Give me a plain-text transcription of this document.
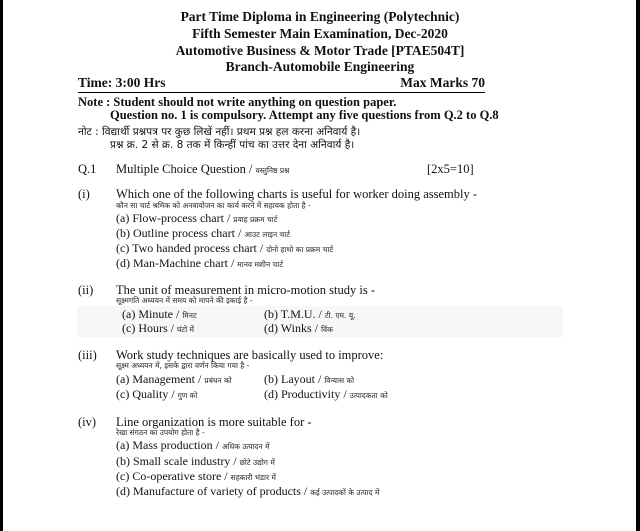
Part Time Diploma in Engineering (Polytechnic)
Fifth Semester Main Examination, Dec-2020
Automotive Business & Motor Trade [PTAE504T]
Branch-Automobile Engineering
Time: 3:00 Hrs	Max Marks 70
Note : Student should not write anything on question paper.
Question no. 1 is compulsory. Attempt any five questions from Q.2 to Q.8
नोट : विद्यार्थी प्रश्नपत्र पर कुछ लिखें नहीं। प्रथम प्रश्न हल करना अनिवार्य है।
प्रश्न क्र. 2 से क्र. 8 तक में किन्हीं पांच का उत्तर देना अनिवार्य है।
Q.1 Multiple Choice Question / वस्तुनिष्ठ प्रश्न	[2x5=10]
(i) Which one of the following charts is useful for worker doing assembly -
कौन सा चार्ट श्रमिक को अनवायोजन का कार्य करने में सहायक होता है -
(a) Flow-process chart / प्रवाह प्रक्रम चार्ट
(b) Outline process chart / आउट लाइन चार्ट
(c) Two handed process chart / दोनो हाथो का प्रक्रम चार्ट
(d) Man-Machine chart / मानव मशीन चार्ट
(ii) The unit of measurement in micro-motion study is -
सूक्ष्मगति अध्ययन में समय को मापने की इकाई है -
(a) Minute / मिनट	(b) T.M.U. / टी. एम. यू.
(c) Hours / घंटो में	(d) Winks / विंक
(iii) Work study techniques are basically used to improve:
सूक्ष्म अध्ययन में, इसके द्वारा वर्णन किया गया है -
(a) Management / प्रबंधन को	(b) Layout / विन्यास को
(c) Quality / गुण को	(d) Productivity / उत्पादकता को
(iv) Line organization is more suitable for -
रेखा संगठन का उपयोग होता है -
(a) Mass production / अधिक उत्पादन में
(b) Small scale industry / छोटे उद्योग में
(c) Co-operative store / सहकारी भंडार में
(d) Manufacture of variety of products / कई उत्पादकों के उत्पाद में
